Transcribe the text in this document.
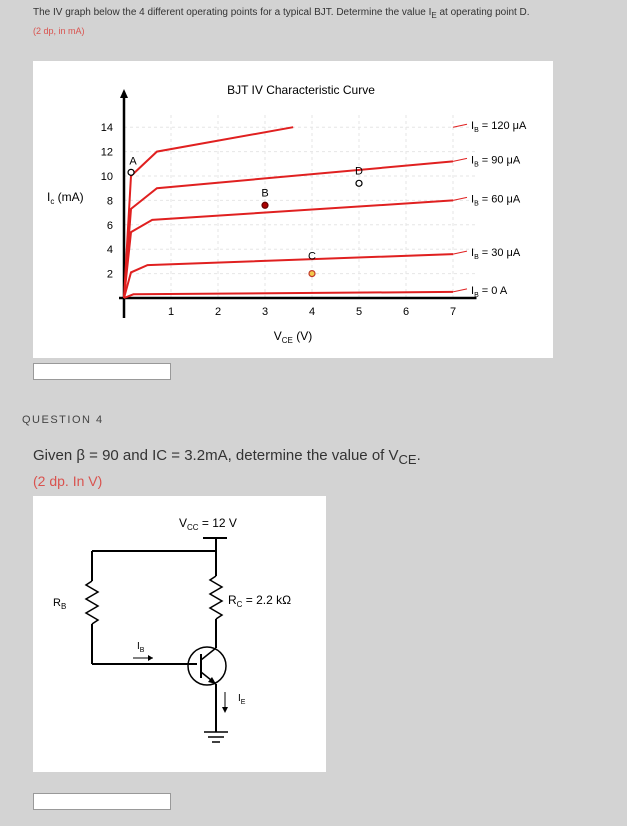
The IV graph below the 4 different operating points for a typical BJT. Determine the value $I_E$ at operating point D.
(2 dp, in mA)
BJT IV Characteristic Curve
1	2	3	4	5	6	7
2
4
6
8
10
12
14
$V_{CE}$ (V)
$I_c$ (mA)
$I_B = 0$ A
$I_B = 30$ μA
$I_B = 60$ μA
$I_B = 90$ μA
$I_B = 120$ μA
A
B
C
D
QUESTION 4
Given β = 90 and IC = 3.2mA, determine the value of $V_{CE}$.
(2 dp. In V)
$V_{CC} = 12$ V
$R_B$	$R_C = 2.2$ kΩ
$I_B$
$I_E$
